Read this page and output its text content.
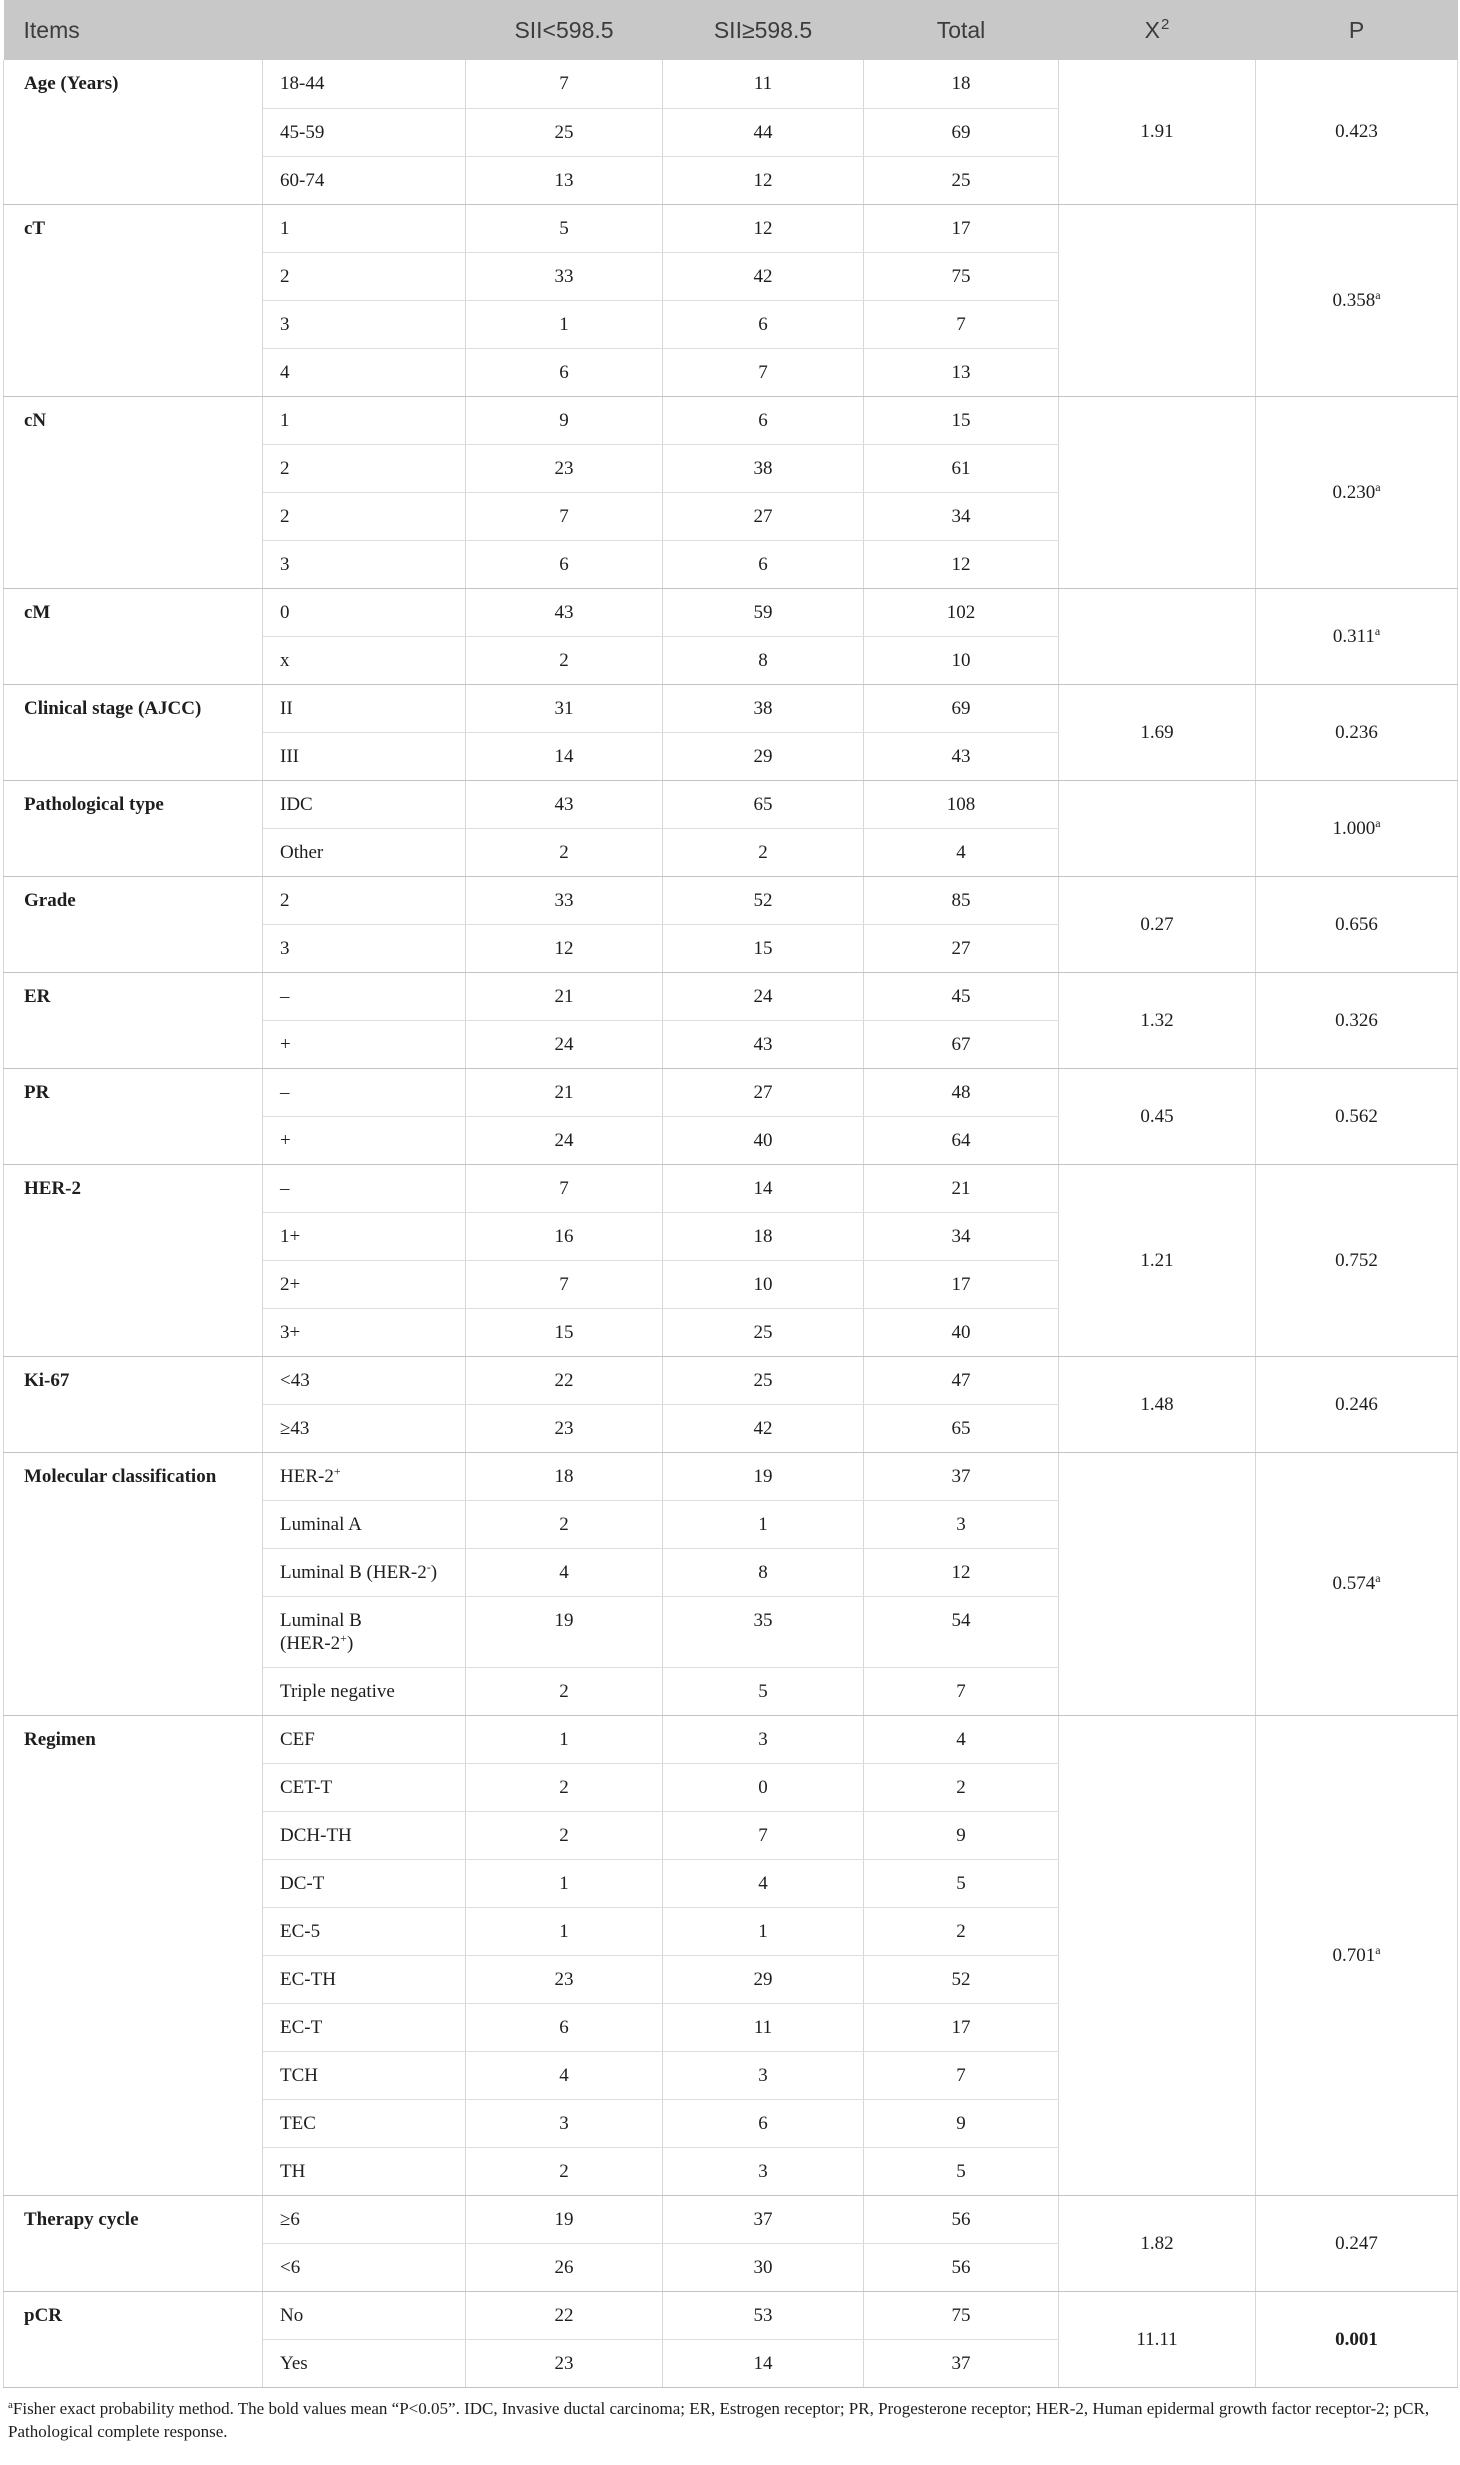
Items		SII<598.5	SII≥598.5	Total	$X^2$	P
Age (Years)	18-44	7	11	18	1.91	0.423
	45-59	25	44	69		
	60-74	13	12	25		
cT	1	5	12	17		0.358$^a$
	2	33	42	75		
	3	1	6	7		
	4	6	7	13		
cN	1	9	6	15		0.230$^a$
	2	23	38	61		
	2	7	27	34		
	3	6	6	12		
cM	0	43	59	102		0.311$^a$
	x	2	8	10		
Clinical stage (AJCC)	II	31	38	69	1.69	0.236
	III	14	29	43		
Pathological type	IDC	43	65	108		1.000$^a$
	Other	2	2	4		
Grade	2	33	52	85	0.27	0.656
	3	12	15	27		
ER	–	21	24	45	1.32	0.326
	+	24	43	67		
PR	–	21	27	48	0.45	0.562
	+	24	40	64		
HER-2	–	7	14	21	1.21	0.752
	1+	16	18	34		
	2+	7	10	17		
	3+	15	25	40		
Ki-67	<43	22	25	47	1.48	0.246
	≥43	23	42	65		
Molecular classification	HER-2+	18	19	37		0.574$^a$
	Luminal A	2	1	3		
	Luminal B (HER-2-)	4	8	12		
	Luminal B
(HER-2+)	19	35	54		
	Triple negative	2	5	7		
Regimen	CEF	1	3	4		0.701$^a$
	CET-T	2	0	2		
	DCH-TH	2	7	9		
	DC-T	1	4	5		
	EC-5	1	1	2		
	EC-TH	23	29	52		
	EC-T	6	11	17		
	TCH	4	3	7		
	TEC	3	6	9		
	TH	2	3	5		
Therapy cycle	≥6	19	37	56	1.82	0.247
	<6	26	30	56		
pCR	No	22	53	75	11.11	0.001
	Yes	23	14	37		

$^a$Fisher exact probability method. The bold values mean “P<0.05”. IDC, Invasive ductal carcinoma; ER, Estrogen receptor; PR, Progesterone receptor; HER-2, Human epidermal growth factor receptor-2; pCR, Pathological complete response.
